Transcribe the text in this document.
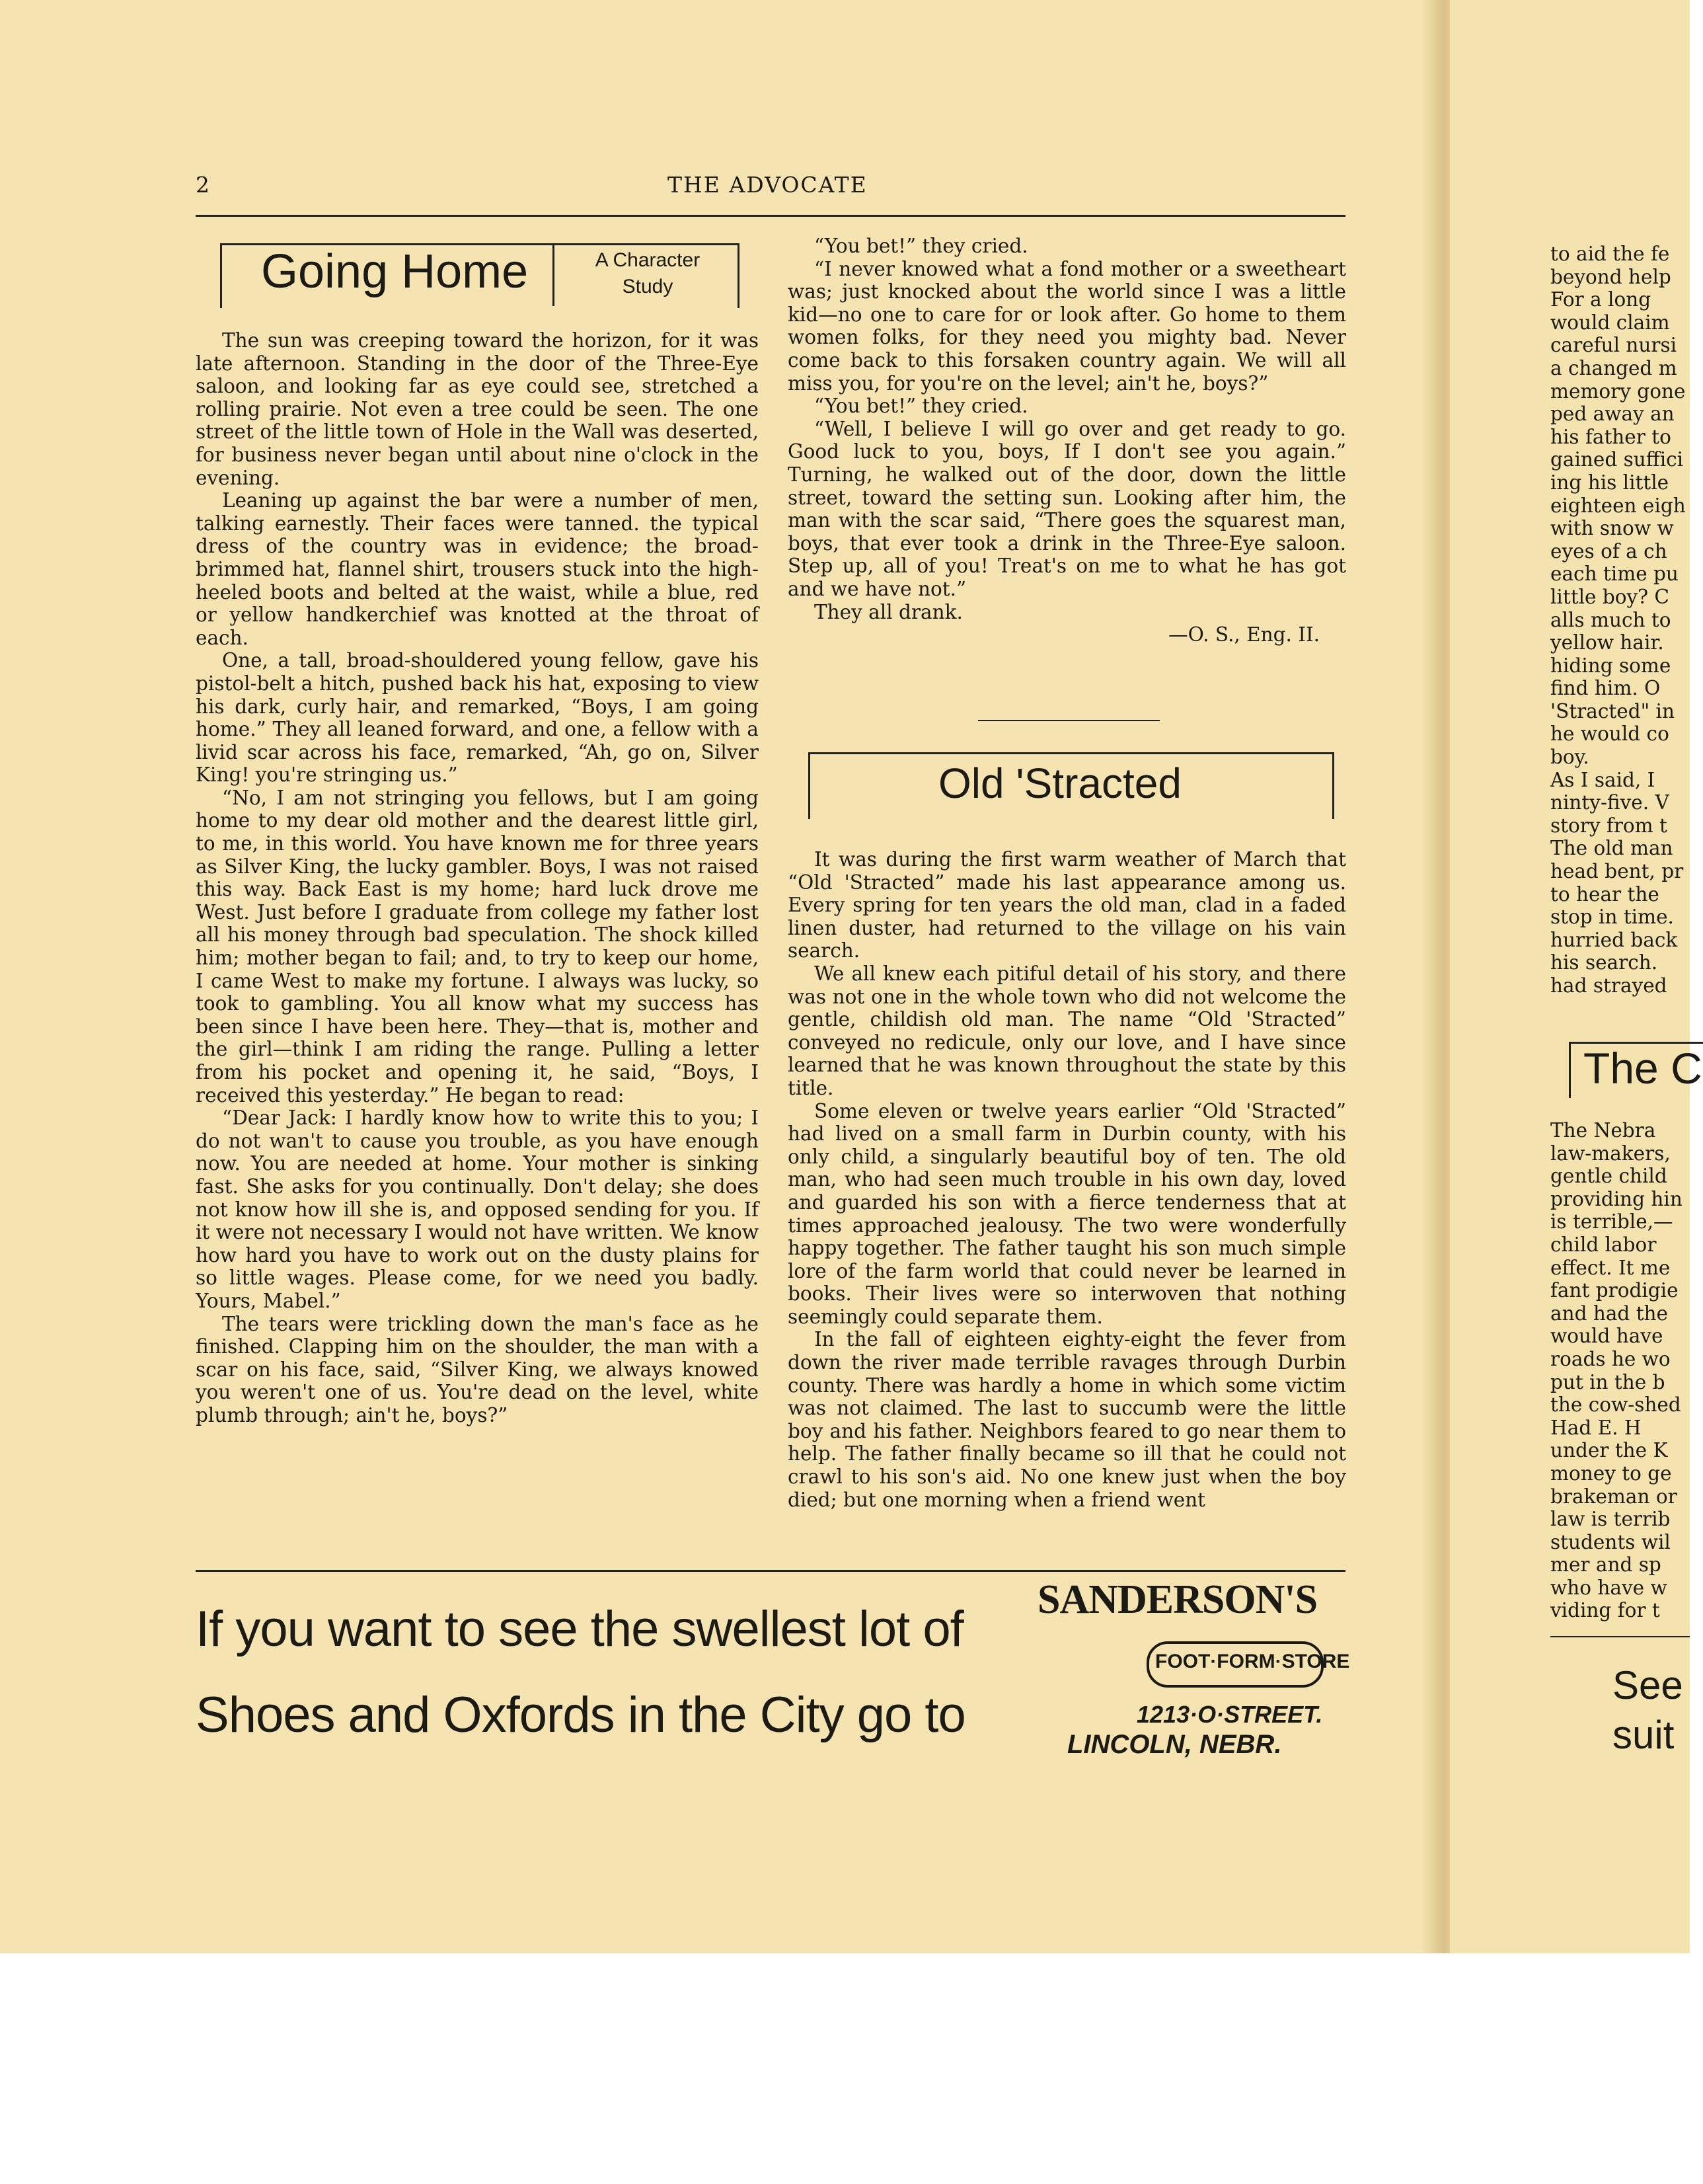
2	THE ADVOCATE
Going Home	A Character
Study

The sun was creeping toward the horizon, for it was late afternoon. Standing in the door of the Three-Eye saloon, and looking far as eye could see, stretched a rolling prairie. Not even a tree could be seen. The one street of the little town of Hole in the Wall was deserted, for business never began until about nine o'clock in the evening.

Leaning up against the bar were a number of men, talking earnestly. Their faces were tanned. the typical dress of the country was in evidence; the broad-brimmed hat, flannel shirt, trousers stuck into the high-heeled boots and belted at the waist, while a blue, red or yellow handkerchief was knotted at the throat of each.

One, a tall, broad-shouldered young fellow, gave his pistol-belt a hitch, pushed back his hat, exposing to view his dark, curly hair, and remarked, “Boys, I am going home.” They all leaned forward, and one, a fellow with a livid scar across his face, remarked, “Ah, go on, Silver King! you're stringing us.”

“No, I am not stringing you fellows, but I am going home to my dear old mother and the dearest little girl, to me, in this world. You have known me for three years as Silver King, the lucky gambler. Boys, I was not raised this way. Back East is my home; hard luck drove me West. Just before I graduate from college my father lost all his money through bad speculation. The shock killed him; mother began to fail; and, to try to keep our home, I came West to make my fortune. I always was lucky, so took to gambling. You all know what my success has been since I have been here. They—that is, mother and the girl—think I am riding the range. Pulling a letter from his pocket and opening it, he said, “Boys, I received this yesterday.” He began to read:

“Dear Jack: I hardly know how to write this to you; I do not wan't to cause you trouble, as you have enough now. You are needed at home. Your mother is sinking fast. She asks for you continually. Don't delay; she does not know how ill she is, and opposed sending for you. If it were not necessary I would not have written. We know how hard you have to work out on the dusty plains for so little wages. Please come, for we need you badly. Yours, Mabel.”

The tears were trickling down the man's face as he finished. Clapping him on the shoulder, the man with a scar on his face, said, “Silver King, we always knowed you weren't one of us. You're dead on the level, white plumb through; ain't he, boys?”

“You bet!” they cried.

“I never knowed what a fond mother or a sweetheart was; just knocked about the world since I was a little kid—no one to care for or look after. Go home to them women folks, for they need you mighty bad. Never come back to this forsaken country again. We will all miss you, for you're on the level; ain't he, boys?”

“You bet!” they cried.

“Well, I believe I will go over and get ready to go. Good luck to you, boys, If I don't see you again.” Turning, he walked out of the door, down the little street, toward the setting sun. Looking after him, the man with the scar said, “There goes the squarest man, boys, that ever took a drink in the Three-Eye saloon. Step up, all of you! Treat's on me to what he has got and we have not.”

They all drank.

—O. S., Eng. II.

Old 'Stracted

It was during the first warm weather of March that “Old 'Stracted” made his last appearance among us. Every spring for ten years the old man, clad in a faded linen duster, had returned to the village on his vain search.

We all knew each pitiful detail of his story, and there was not one in the whole town who did not welcome the gentle, childish old man. The name “Old 'Stracted” conveyed no redicule, only our love, and I have since learned that he was known throughout the state by this title.

Some eleven or twelve years earlier “Old 'Stracted” had lived on a small farm in Durbin county, with his only child, a singularly beautiful boy of ten. The old man, who had seen much trouble in his own day, loved and guarded his son with a fierce tenderness that at times approached jealousy. The two were wonderfully happy together. The father taught his son much simple lore of the farm world that could never be learned in books. Their lives were so interwoven that nothing seemingly could separate them.

In the fall of eighteen eighty-eight the fever from down the river made terrible ravages through Durbin county. There was hardly a home in which some victim was not claimed. The last to succumb were the little boy and his father. Neighbors feared to go near them to help. The father finally became so ill that he could not crawl to his son's aid. No one knew just when the boy died; but one morning when a friend went

If you want to see the swellest lot of
Shoes and Oxfords in the City go to
SANDERSON'S
FOOT·FORM·STORE
1213·O·STREET.
LINCOLN, NEBR.

to aid the fe

beyond help

For a long

would claim

careful nursi

a changed m

memory gone

ped away an

his father to

gained suffici

ing his little

eighteen eigh

with snow w

eyes of a ch

each time pu

little boy? C

alls much to

yellow hair.

hiding some

find him. O

'Stracted" in

he would co

boy.

As I said, I

ninty-five. V

story from t

The old man

head bent, pr

to hear the

stop in time.

hurried back

his search.

had strayed

The C

The Nebra

law-makers,

gentle child

providing hin

is terrible,—

child labor

effect. It me

fant prodigie

and had the

would have

roads he wo

put in the b

the cow-shed

Had E. H

under the K

money to ge

brakeman or

law is terrib

students wil

mer and sp

who have w

viding for t

See
suit
